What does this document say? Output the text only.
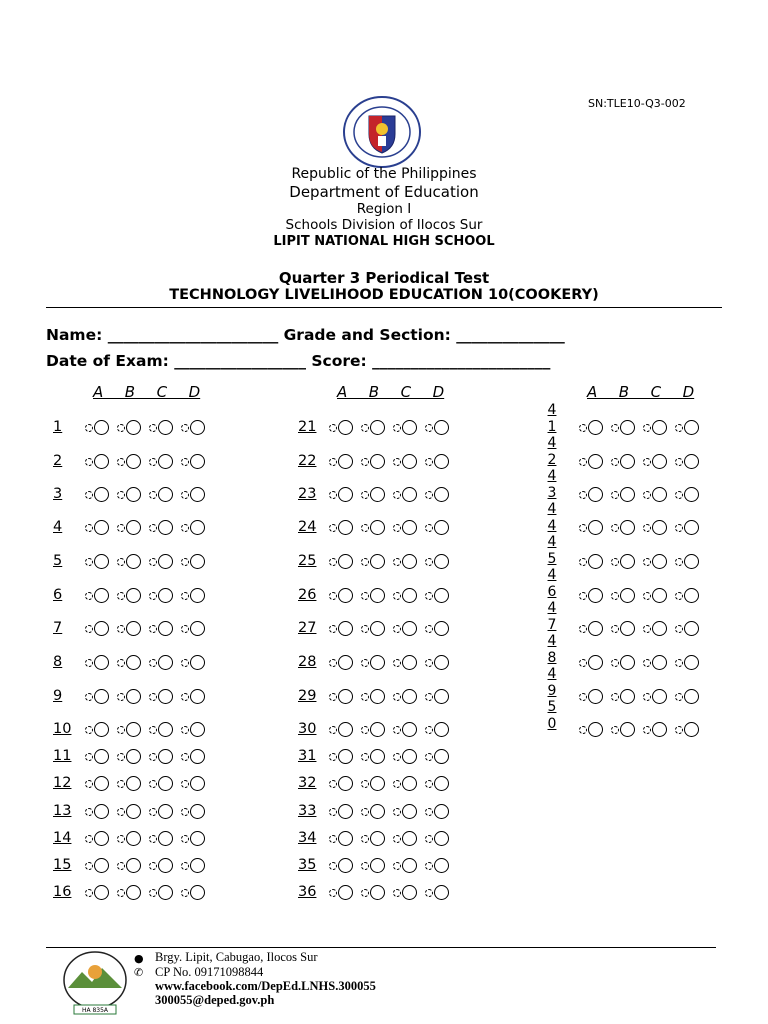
SN:TLE10-Q3-002
Republic of the Philippines
Department of Education
Region I
Schools Division of Ilocos Sur
LIPIT NATIONAL HIGH SCHOOL
Quarter 3 Periodical Test
TECHNOLOGY LIVELIHOOD EDUCATION 10(COOKERY)
Name: ______________________ Grade and Section: ______________
Date of Exam: _________________ Score: _______________________
A  B  C  D	A  B  C  D	A  B  C  D
1
2
3
4
5
6
7
8
9
10
11
12
13
14
15
16
21
22
23
24
25
26
27
28
29
30
31
32
33
34
35
36
4
1
4
2
4
3
4
4
4
5
4
6
4
7
4
8
4
9
5
0
HA 835A
●
✆
Brgy. Lipit, Cabugao, Ilocos Sur
CP No. 09171098844
www.facebook.com/DepEd.LNHS.300055
300055@deped.gov.ph
